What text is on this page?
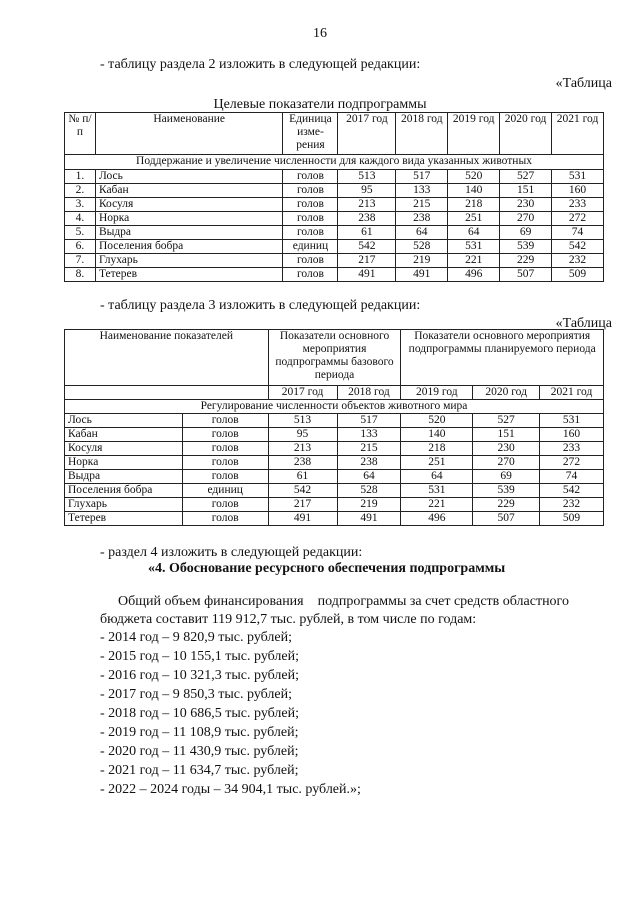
16
- таблицу раздела 2 изложить в следующей редакции:
«Таблица
Целевые показатели подпрограммы
№ п/п	Наименование	Единица изме-рения	2017 год	2018 год	2019 год	2020 год	2021 год
Поддержание и увеличение численности для каждого вида указанных животных							
1.	Лось	голов	513	517	520	527	531
2.	Кабан	голов	95	133	140	151	160
3.	Косуля	голов	213	215	218	230	233
4.	Норка	голов	238	238	251	270	272
5.	Выдра	голов	61	64	64	69	74
6.	Поселения бобра	единиц	542	528	531	539	542
7.	Глухарь	голов	217	219	221	229	232
8.	Тетерев	голов	491	491	496	507	509
- таблицу раздела 3 изложить в следующей редакции:
«Таблица
Наименование показателей		Показатели основного мероприятия подпрограммы базового периода		Показатели основного мероприятия подпрограммы планируемого периода		
		2017 год	2018 год	2019 год	2020 год	2021 год
Регулирование численности объектов животного мира						
Лось	голов	513	517	520	527	531
Кабан	голов	95	133	140	151	160
Косуля	голов	213	215	218	230	233
Норка	голов	238	238	251	270	272
Выдра	голов	61	64	64	69	74
Поселения бобра	единиц	542	528	531	539	542
Глухарь	голов	217	219	221	229	232
Тетерев	голов	491	491	496	507	509
- раздел 4 изложить в следующей редакции:
«4. Обоснование ресурсного обеспечения подпрограммы
Общий объем финансирования    подпрограммы за счет средств областного
бюджета составит 119 912,7 тыс. рублей, в том числе по годам:
- 2014 год – 9 820,9 тыс. рублей;
- 2015 год – 10 155,1 тыс. рублей;
- 2016 год – 10 321,3 тыс. рублей;
- 2017 год – 9 850,3 тыс. рублей;
- 2018 год – 10 686,5 тыс. рублей;
- 2019 год – 11 108,9 тыс. рублей;
- 2020 год – 11 430,9 тыс. рублей;
- 2021 год – 11 634,7 тыс. рублей;
- 2022 – 2024 годы – 34 904,1 тыс. рублей.»;
